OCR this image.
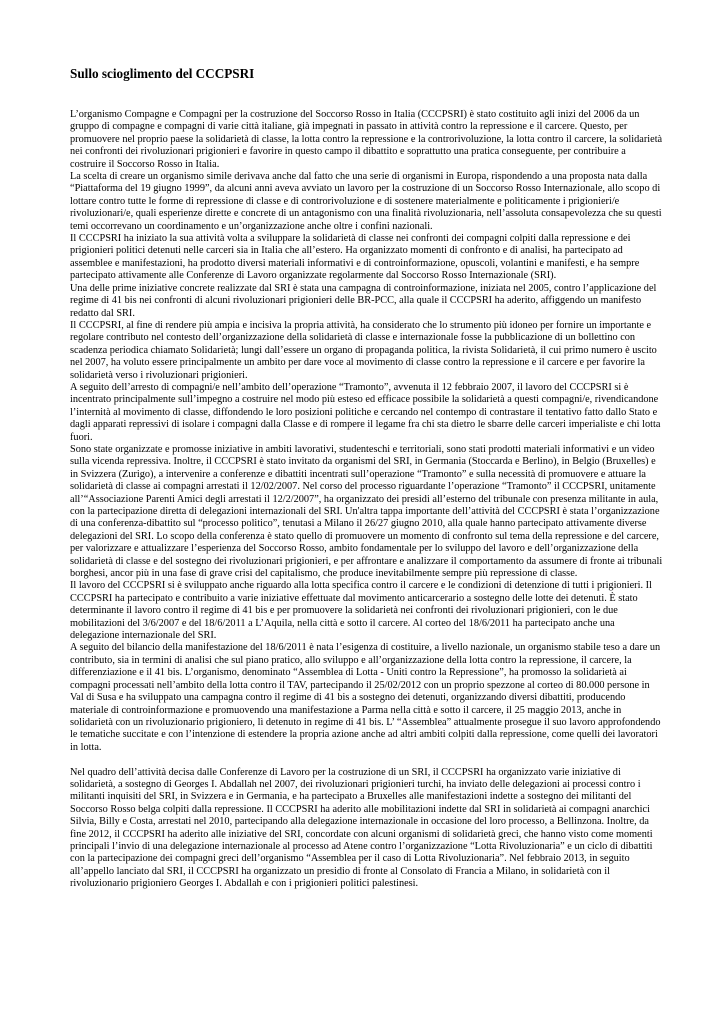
Sullo scioglimento del CCCPSRI

L’organismo Compagne e Compagni per la costruzione del Soccorso Rosso in Italia (CCCPSRI) è stato costituito agli inizi del 2006 da un gruppo di compagne e compagni di varie città italiane, già impegnati in passato in attività contro la repressione e il carcere. Questo, per promuovere nel proprio paese la solidarietà di classe, la lotta contro la repressione e la controrivoluzione, la lotta contro il carcere, la solidarietà nei confronti dei rivoluzionari prigionieri e favorire in questo campo il dibattito e soprattutto una pratica conseguente, per contribuire a costruire il Soccorso Rosso in Italia.

La scelta di creare un organismo simile derivava anche dal fatto che una serie di organismi in Europa, rispondendo a una proposta nata dalla “Piattaforma del 19 giugno 1999”, da alcuni anni aveva avviato un lavoro per la costruzione di un Soccorso Rosso Internazionale, allo scopo di lottare contro tutte le forme di repressione di classe e di controrivoluzione e di sostenere materialmente e politicamente i prigionieri/e rivoluzionari/e, quali esperienze dirette e concrete di un antagonismo con una finalità rivoluzionaria, nell’assoluta consapevolezza che su questi temi occorrevano un coordinamento e un’organizzazione anche oltre i confini nazionali.

Il CCCPSRI ha iniziato la sua attività volta a sviluppare la solidarietà di classe nei confronti dei compagni colpiti dalla repressione e dei prigionieri politici detenuti nelle carceri sia in Italia che all’estero. Ha organizzato momenti di confronto e di analisi, ha partecipato ad assemblee e manifestazioni, ha prodotto diversi materiali informativi e di controinformazione, opuscoli, volantini e manifesti, e ha sempre partecipato attivamente alle Conferenze di Lavoro organizzate regolarmente dal Soccorso Rosso Internazionale (SRI).

Una delle prime iniziative concrete realizzate dal SRI è stata una campagna di controinformazione, iniziata nel 2005, contro l’applicazione del regime di 41 bis nei confronti di alcuni rivoluzionari prigionieri delle BR-PCC, alla quale il CCCPSRI ha aderito, affiggendo un manifesto redatto dal SRI.

Il CCCPSRI, al fine di rendere più ampia e incisiva la propria attività, ha considerato che lo strumento più idoneo per fornire un importante e regolare contributo nel contesto dell’organizzazione della solidarietà di classe e internazionale fosse la pubblicazione di un bollettino con scadenza periodica chiamato Solidarietà; lungi dall’essere un organo di propaganda politica, la rivista Solidarietà, il cui primo numero è uscito nel 2007, ha voluto essere principalmente un ambito per dare voce al movimento di classe contro la repressione e il carcere e per favorire la solidarietà verso i rivoluzionari prigionieri.

A seguito dell’arresto di compagni/e nell’ambito dell’operazione “Tramonto”, avvenuta il 12 febbraio 2007, il lavoro del CCCPSRI si è incentrato principalmente sull’impegno a costruire nel modo più esteso ed efficace possibile la solidarietà a questi compagni/e, rivendicandone l’internità al movimento di classe, diffondendo le loro posizioni politiche e cercando nel contempo di contrastare il tentativo fatto dallo Stato e dagli apparati repressivi di isolare i compagni dalla Classe e di rompere il legame fra chi sta dietro le sbarre delle carceri imperialiste e chi lotta fuori.

Sono state organizzate e promosse iniziative in ambiti lavorativi, studenteschi e territoriali, sono stati prodotti materiali informativi e un video sulla vicenda repressiva. Inoltre, il CCCPSRI è stato invitato da organismi del SRI, in Germania (Stoccarda e Berlino), in Belgio (Bruxelles) e in Svizzera (Zurigo), a intervenire a conferenze e dibattiti incentrati sull’operazione “Tramonto” e sulla necessità di promuovere e attuare la solidarietà di classe ai compagni arrestati il 12/02/2007. Nel corso del processo riguardante l’operazione “Tramonto” il CCCPSRI, unitamente all’“Associazione Parenti Amici degli arrestati il 12/2/2007”, ha organizzato dei presidi all’esterno del tribunale con presenza militante in aula, con la partecipazione diretta di delegazioni internazionali del SRI. Un'altra tappa importante dell’attività del CCCPSRI è stata l’organizzazione di una conferenza-dibattito sul “processo politico”, tenutasi a Milano il 26/27 giugno 2010, alla quale hanno partecipato attivamente diverse delegazioni del SRI. Lo scopo della conferenza è stato quello di promuovere un momento di confronto sul tema della repressione e del carcere, per valorizzare e attualizzare l’esperienza del Soccorso Rosso, ambito fondamentale per lo sviluppo del lavoro e dell’organizzazione della solidarietà di classe e del sostegno dei rivoluzionari prigionieri, e per affrontare e analizzare il comportamento da assumere di fronte ai tribunali borghesi, ancor più in una fase di grave crisi del capitalismo, che produce inevitabilmente sempre più repressione di classe.

Il lavoro del CCCPSRI si è sviluppato anche riguardo alla lotta specifica contro il carcere e le condizioni di detenzione di tutti i prigionieri. Il CCCPSRI ha partecipato e contribuito a varie iniziative effettuate dal movimento anticarcerario a sostegno delle lotte dei detenuti. È stato determinante il lavoro contro il regime di 41 bis e per promuovere la solidarietà nei confronti dei rivoluzionari prigionieri, con le due mobilitazioni del 3/6/2007 e del 18/6/2011 a L’Aquila, nella città e sotto il carcere. Al corteo del 18/6/2011 ha partecipato anche una delegazione internazionale del SRI.

A seguito del bilancio della manifestazione del 18/6/2011 è nata l’esigenza di costituire, a livello nazionale, un organismo stabile teso a dare un contributo, sia in termini di analisi che sul piano pratico, allo sviluppo e all’organizzazione della lotta contro la repressione, il carcere, la differenziazione e il 41 bis. L’organismo, denominato “Assemblea di Lotta - Uniti contro la Repressione”, ha promosso la solidarietà ai compagni processati nell’ambito della lotta contro il TAV, partecipando il 25/02/2012 con un proprio spezzone al corteo di 80.000 persone in Val di Susa e ha sviluppato una campagna contro il regime di 41 bis a sostegno dei detenuti, organizzando diversi dibattiti, producendo materiale di controinformazione e promuovendo una manifestazione a Parma nella città e sotto il carcere, il 25 maggio 2013, anche in solidarietà con un rivoluzionario prigioniero, lì detenuto in regime di 41 bis. L’ “Assemblea” attualmente prosegue il suo lavoro approfondendo le tematiche succitate e con l’intenzione di estendere la propria azione anche ad altri ambiti colpiti dalla repressione, come quelli dei lavoratori in lotta.

Nel quadro dell’attività decisa dalle Conferenze di Lavoro per la costruzione di un SRI, il CCCPSRI ha organizzato varie iniziative di solidarietà, a sostegno di Georges I. Abdallah nel 2007, dei rivoluzionari prigionieri turchi, ha inviato delle delegazioni ai processi contro i militanti inquisiti del SRI, in Svizzera e in Germania, e ha partecipato a Bruxelles alle manifestazioni indette a sostegno dei militanti del Soccorso Rosso belga colpiti dalla repressione. Il CCCPSRI ha aderito alle mobilitazioni indette dal SRI in solidarietà ai compagni anarchici Silvia, Billy e Costa, arrestati nel 2010, partecipando alla delegazione internazionale in occasione del loro processo, a Bellinzona. Inoltre, da fine 2012, il CCCPSRI ha aderito alle iniziative del SRI, concordate con alcuni organismi di solidarietà greci, che hanno visto come momenti principali l’invio di una delegazione internazionale al processo ad Atene contro l’organizzazione “Lotta Rivoluzionaria” e un ciclo di dibattiti con la partecipazione dei compagni greci dell’organismo “Assemblea per il caso di Lotta Rivoluzionaria”. Nel febbraio 2013, in seguito all’appello lanciato dal SRI, il CCCPSRI ha organizzato un presidio di fronte al Consolato di Francia a Milano, in solidarietà con il rivoluzionario prigioniero Georges I. Abdallah e con i prigionieri politici palestinesi.
